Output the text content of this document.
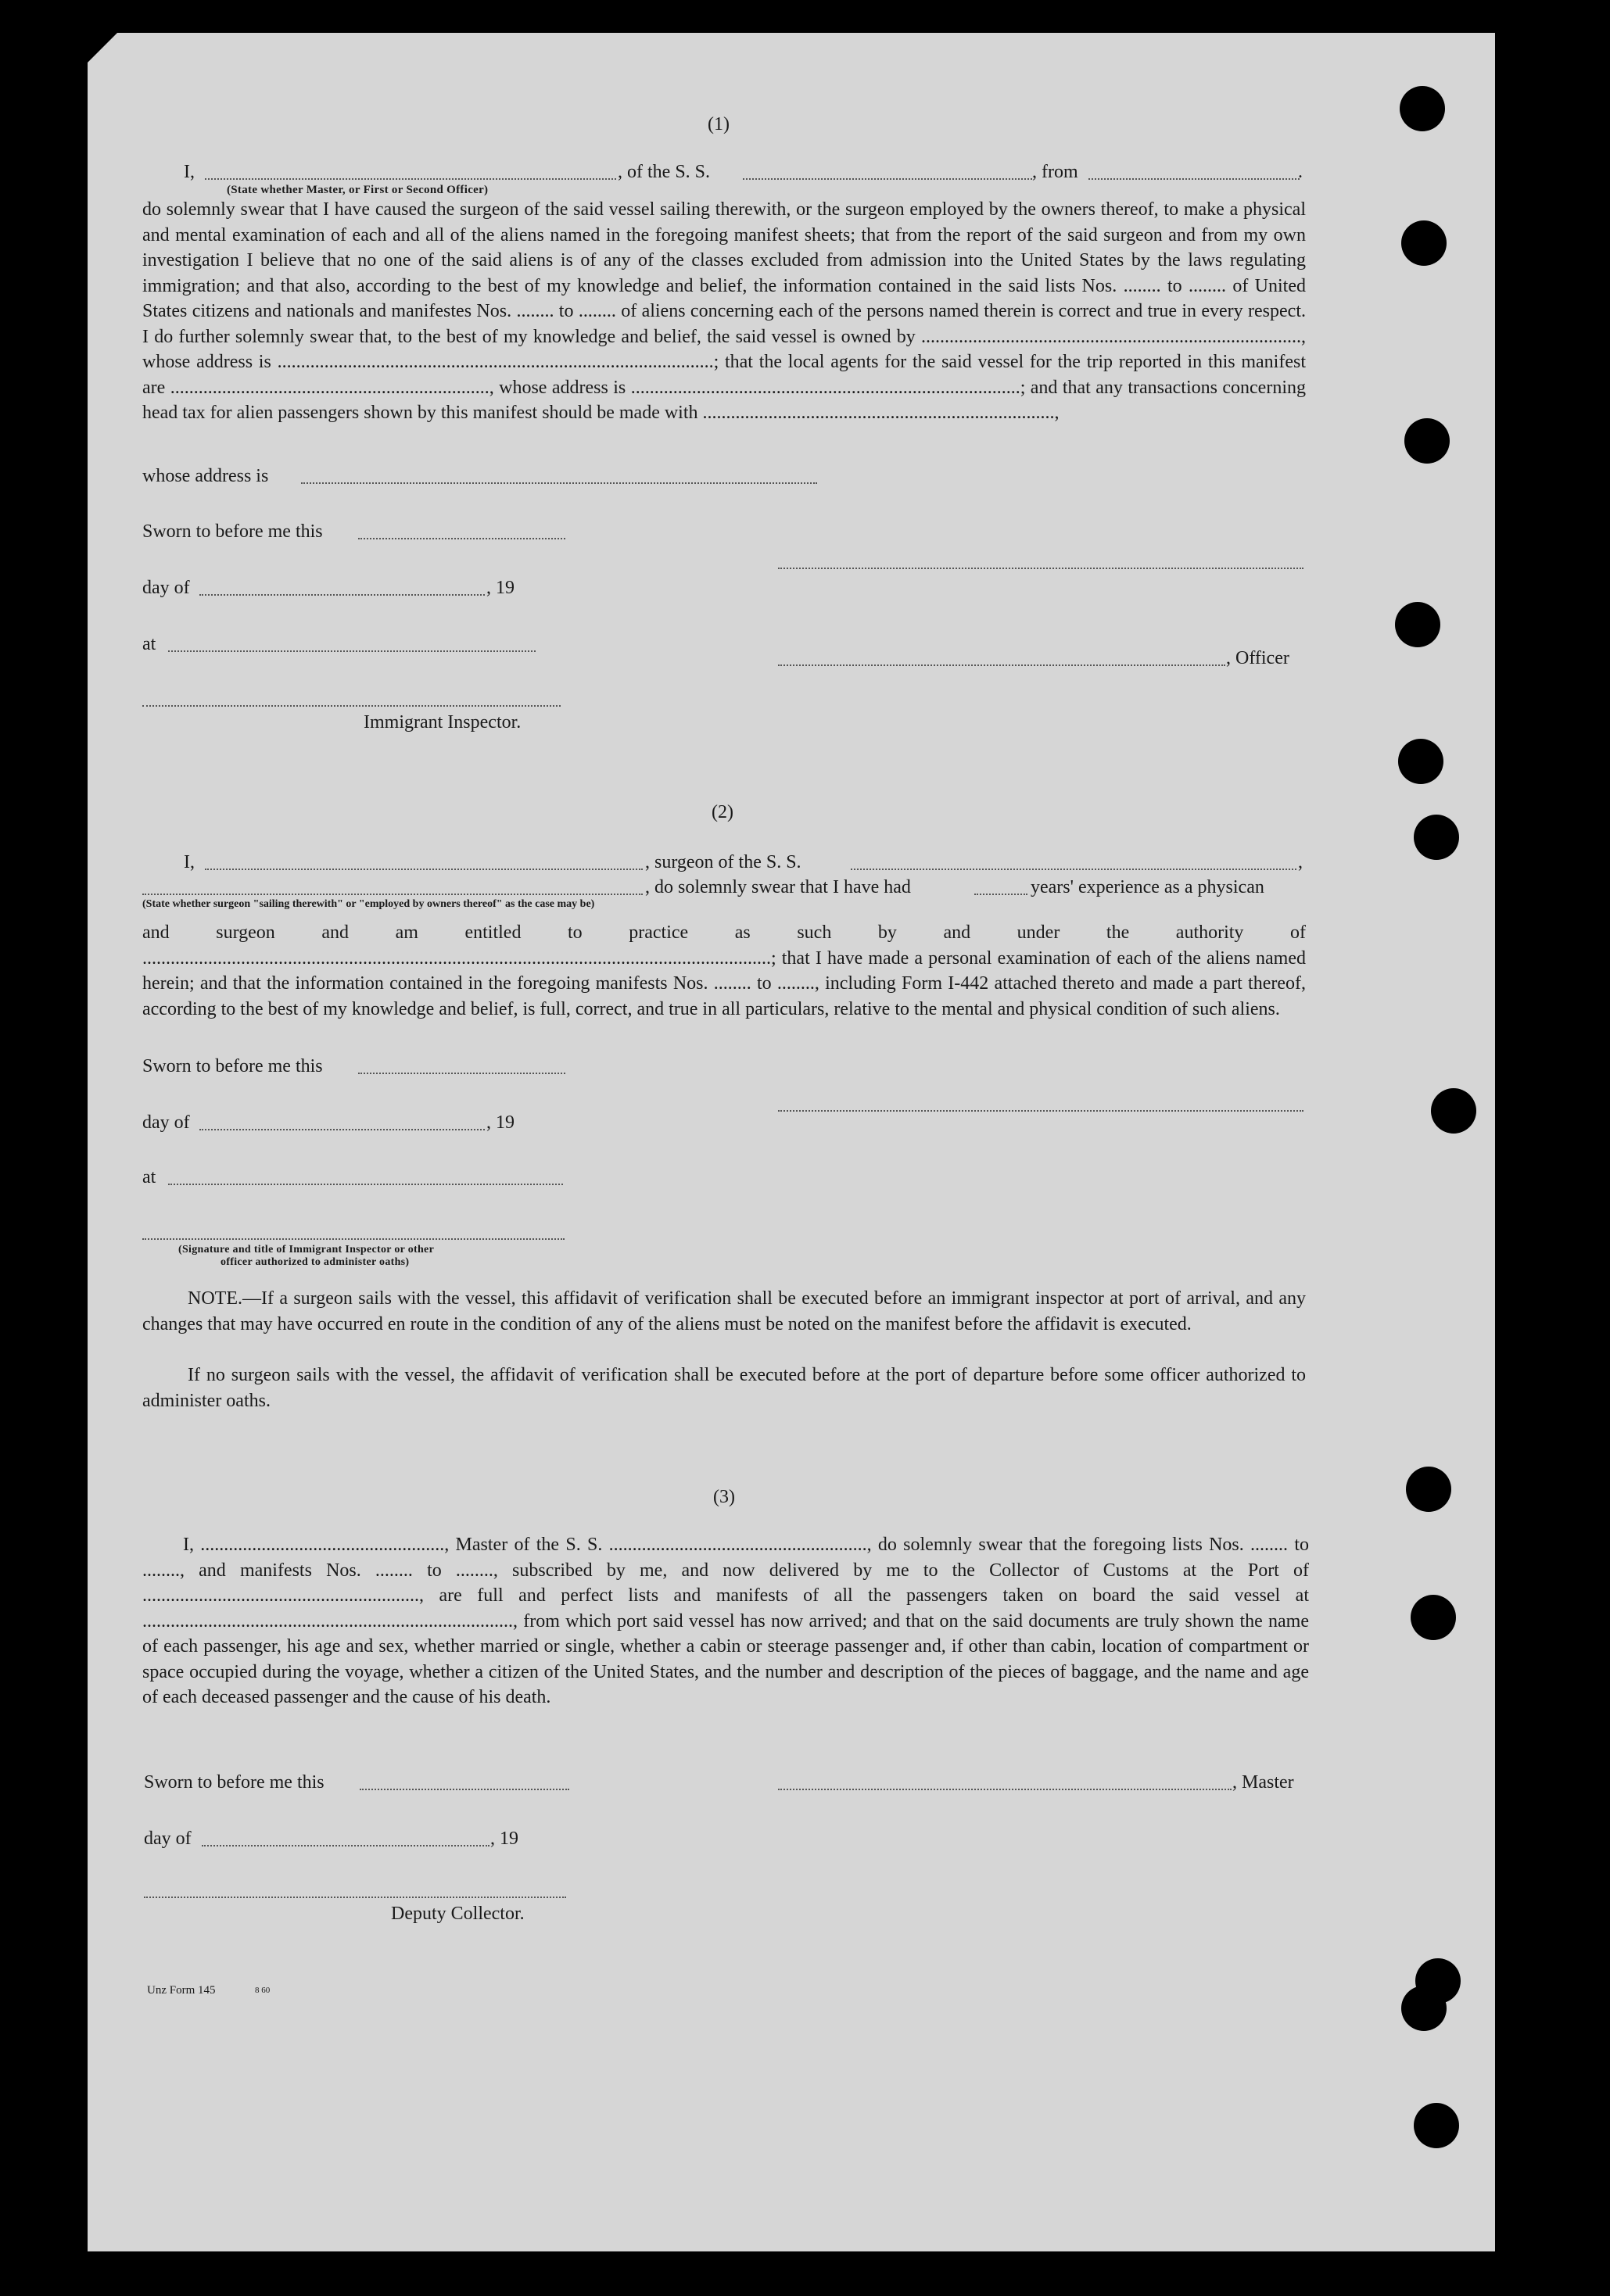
(1)
I,	, of the S. S.	, from	.
(State whether Master, or First or Second Officer)
do solemnly swear that I have caused the surgeon of the said vessel sailing therewith, or the surgeon employed by the owners thereof, to make a physical and mental examination of each and all of the aliens named in the foregoing manifest sheets; that from the report of the said surgeon and from my own investigation I believe that no one of the said aliens is of any of the classes excluded from admission into the United States by the laws regulating immigration; and that also, according to the best of my knowledge and belief, the information contained in the said lists Nos. ........ to ........ of United States citizens and nationals and manifestes Nos. ........ to ........ of aliens concerning each of the persons named therein is correct and true in every respect. I do further solemnly swear that, to the best of my knowledge and belief, the said vessel is owned by ................................................................................., whose address is .............................................................................................; that the local agents for the said vessel for the trip reported in this manifest are ...................................................................., whose address is ...................................................................................; and that any transactions concerning head tax for alien passengers shown by this manifest should be made with ...........................................................................,
whose address is
Sworn to before me this
day of	, 19
at
, Officer
Immigrant Inspector.
(2)
I,	, surgeon of the S. S.	,
, do solemnly swear that I have had	years' experience as a physican
(State whether surgeon "sailing therewith" or "employed by owners thereof" as the case may be)
and surgeon and am entitled to practice as such by and under the authority of ......................................................................................................................................; that I have made a personal examination of each of the aliens named herein; and that the information contained in the foregoing manifests Nos. ........ to ........, including Form I-442 attached thereto and made a part thereof, according to the best of my knowledge and belief, is full, correct, and true in all particulars, relative to the mental and physical condition of such aliens.
Sworn to before me this
day of	, 19
at
(Signature and title of Immigrant Inspector or other
officer authorized to administer oaths)
NOTE.—If a surgeon sails with the vessel, this affidavit of verification shall be executed before an immigrant inspector at port of arrival, and any changes that may have occurred en route in the condition of any of the aliens must be noted on the manifest before the affidavit is executed.
If no surgeon sails with the vessel, the affidavit of verification shall be executed before at the port of departure before some officer authorized to administer oaths.
(3)
I, ...................................................., Master of the S. S. ......................................................., do solemnly swear that the foregoing lists Nos. ........ to ........, and manifests Nos. ........ to ........, subscribed by me, and now delivered by me to the Collector of Customs at the Port of ..........................................................., are full and perfect lists and manifests of all the passengers taken on board the said vessel at ..............................................................................., from which port said vessel has now arrived; and that on the said documents are truly shown the name of each passenger, his age and sex, whether married or single, whether a cabin or steerage passenger and, if other than cabin, location of compartment or space occupied during the voyage, whether a citizen of the United States, and the number and description of the pieces of baggage, and the name and age of each deceased passenger and the cause of his death.
Sworn to before me this	, Master
day of	, 19
Deputy Collector.
Unz Form 145	8 60
